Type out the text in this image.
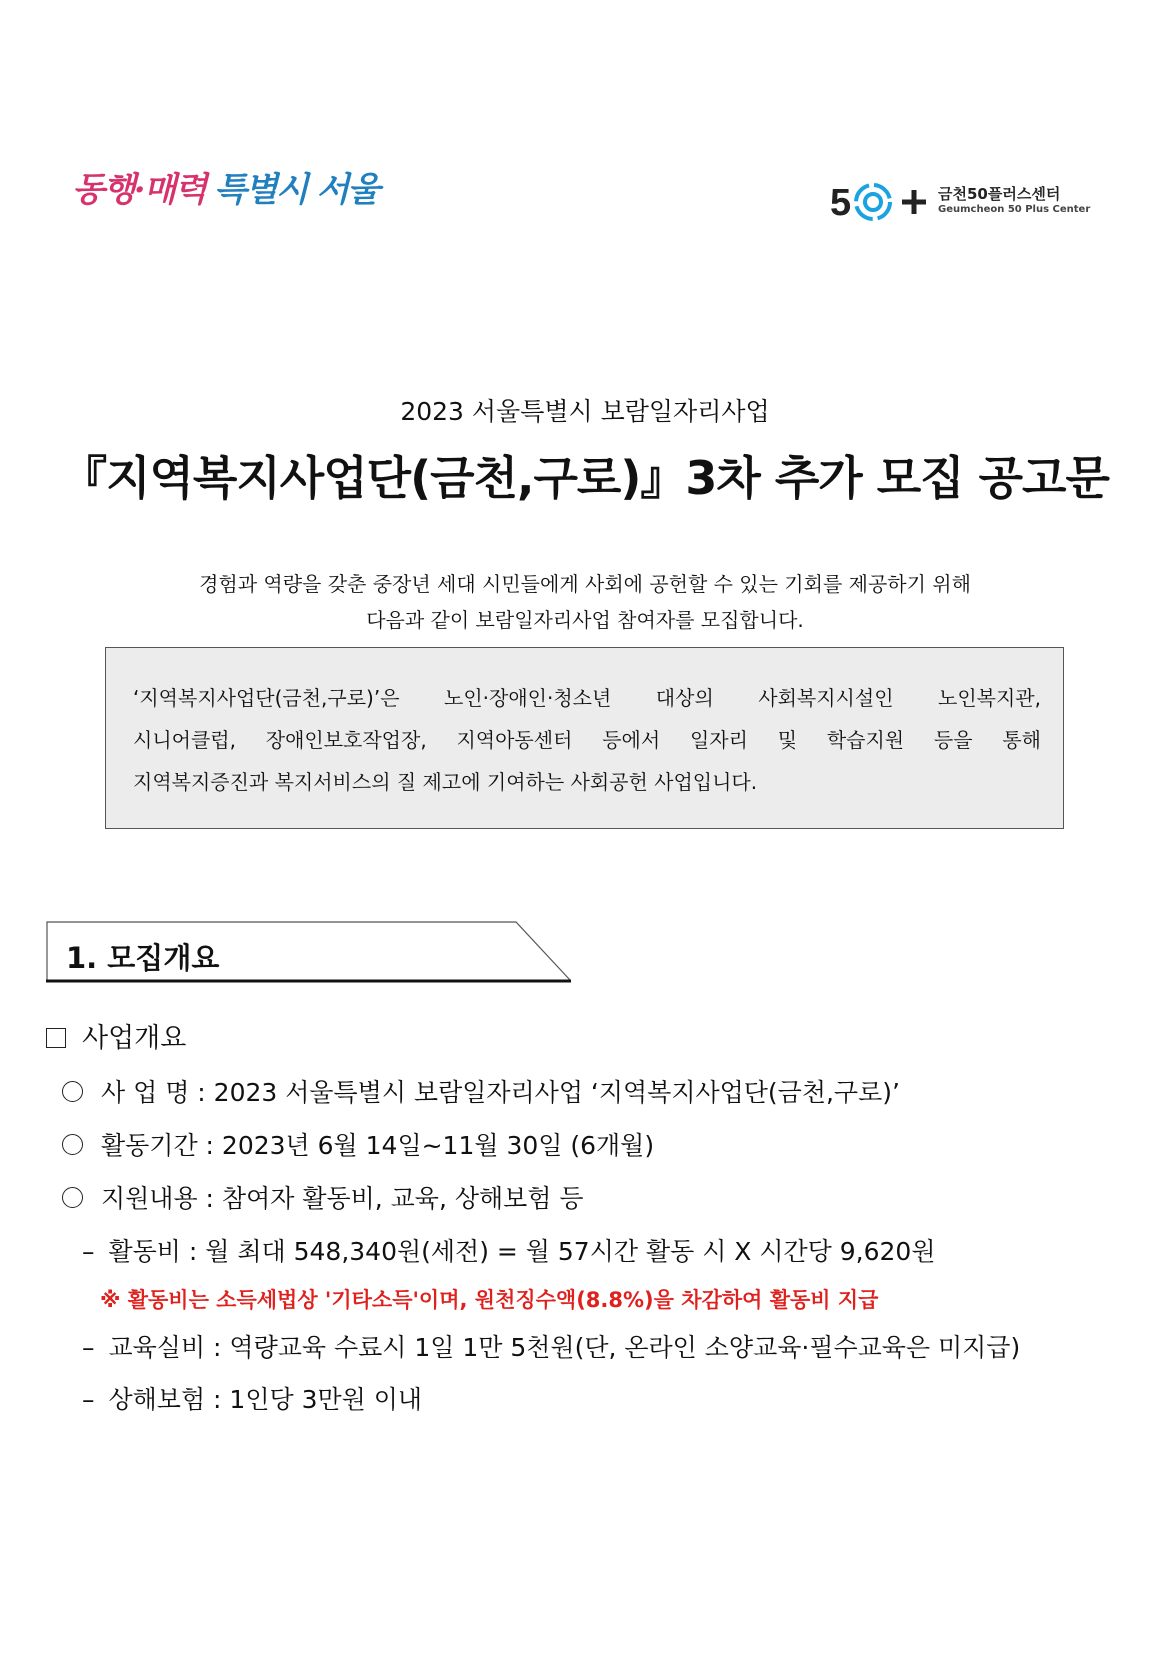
동행·매력 특별시 서울	5	금천50플러스센터
Geumcheon 50 Plus Center
2023 서울특별시 보람일자리사업
『지역복지사업단(금천,구로)』3차 추가 모집 공고문
경험과 역량을 갖춘 중장년 세대 시민들에게 사회에 공헌할 수 있는 기회를 제공하기 위해
다음과 같이 보람일자리사업 참여자를 모집합니다.
‘지역복지사업단(금천,구로)’은 노인·장애인·청소년 대상의 사회복지시설인 노인복지관,
시니어클럽, 장애인보호작업장, 지역아동센터 등에서 일자리 및 학습지원 등을 통해
지역복지증진과 복지서비스의 질 제고에 기여하는 사회공헌 사업입니다.
1. 모집개요
사업개요
사 업 명 : 2023 서울특별시 보람일자리사업 ‘지역복지사업단(금천,구로)’
활동기간 : 2023년 6월 14일~11월 30일 (6개월)
지원내용 : 참여자 활동비, 교육, 상해보험 등
– 활동비 : 월 최대 548,340원(세전) = 월 57시간 활동 시 X 시간당 9,620원
※ 활동비는 소득세법상 '기타소득'이며, 원천징수액(8.8%)을 차감하여 활동비 지급
– 교육실비 : 역량교육 수료시 1일 1만 5천원(단, 온라인 소양교육·필수교육은 미지급)
– 상해보험 : 1인당 3만원 이내
